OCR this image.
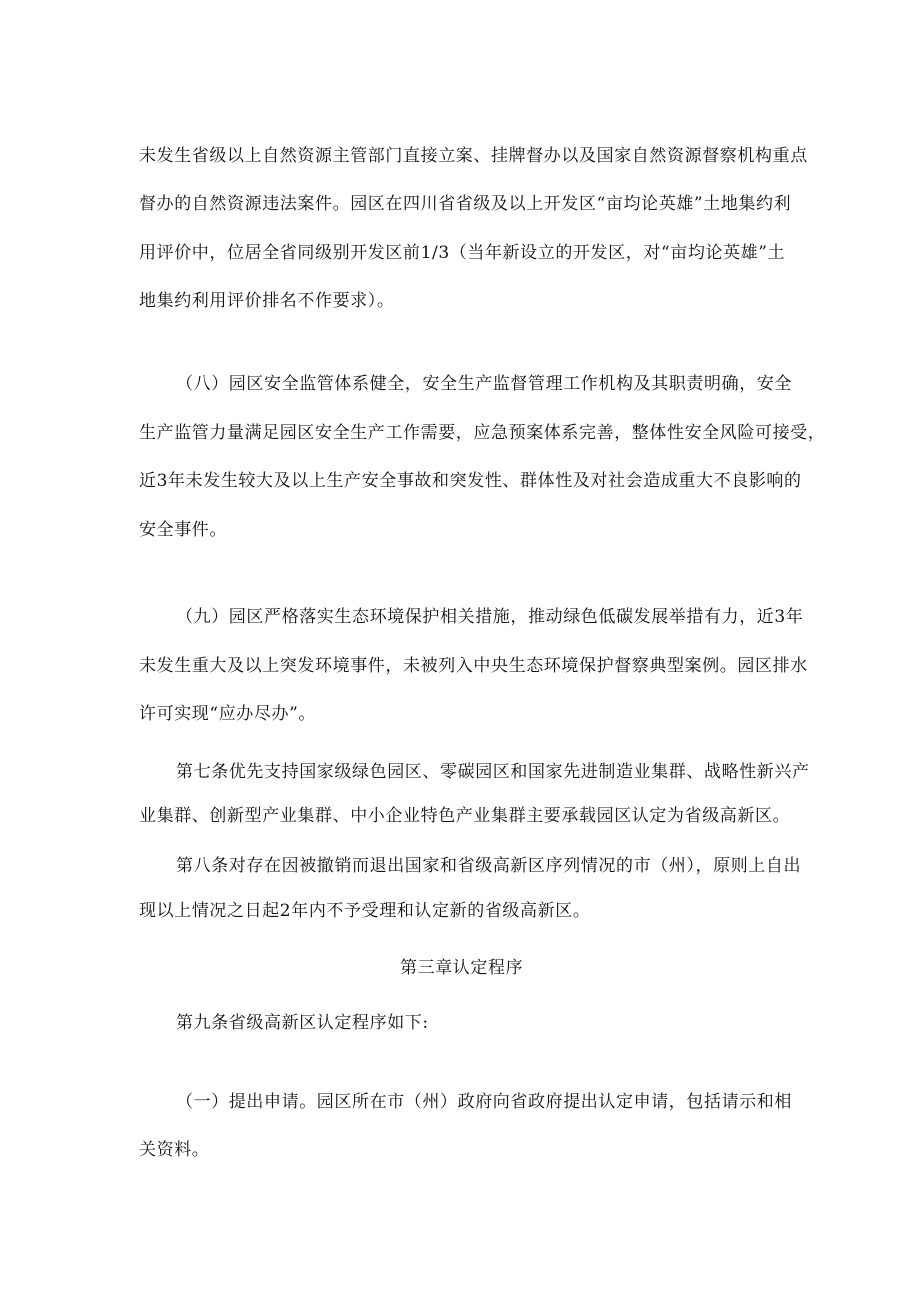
未发生省级以上自然资源主管部门直接立案、挂牌督办以及国家自然资源督察机构重点
督办的自然资源违法案件。园区在四川省省级及以上开发区“亩均论英雄”土地集约利
用评价中，位居全省同级别开发区前1/3（当年新设立的开发区，对“亩均论英雄”土
地集约利用评价排名不作要求）。
（八）园区安全监管体系健全，安全生产监督管理工作机构及其职责明确，安全
生产监管力量满足园区安全生产工作需要，应急预案体系完善，整体性安全风险可接受，
近3年未发生较大及以上生产安全事故和突发性、群体性及对社会造成重大不良影响的
安全事件。
（九）园区严格落实生态环境保护相关措施，推动绿色低碳发展举措有力，近3年
未发生重大及以上突发环境事件，未被列入中央生态环境保护督察典型案例。园区排水
许可实现“应办尽办”。
第七条优先支持国家级绿色园区、零碳园区和国家先进制造业集群、战略性新兴产
业集群、创新型产业集群、中小企业特色产业集群主要承载园区认定为省级高新区。
第八条对存在因被撤销而退出国家和省级高新区序列情况的市（州），原则上自出
现以上情况之日起2年内不予受理和认定新的省级高新区。
第三章认定程序
第九条省级高新区认定程序如下:
（一）提出申请。园区所在市（州）政府向省政府提出认定申请，包括请示和相
关资料。
